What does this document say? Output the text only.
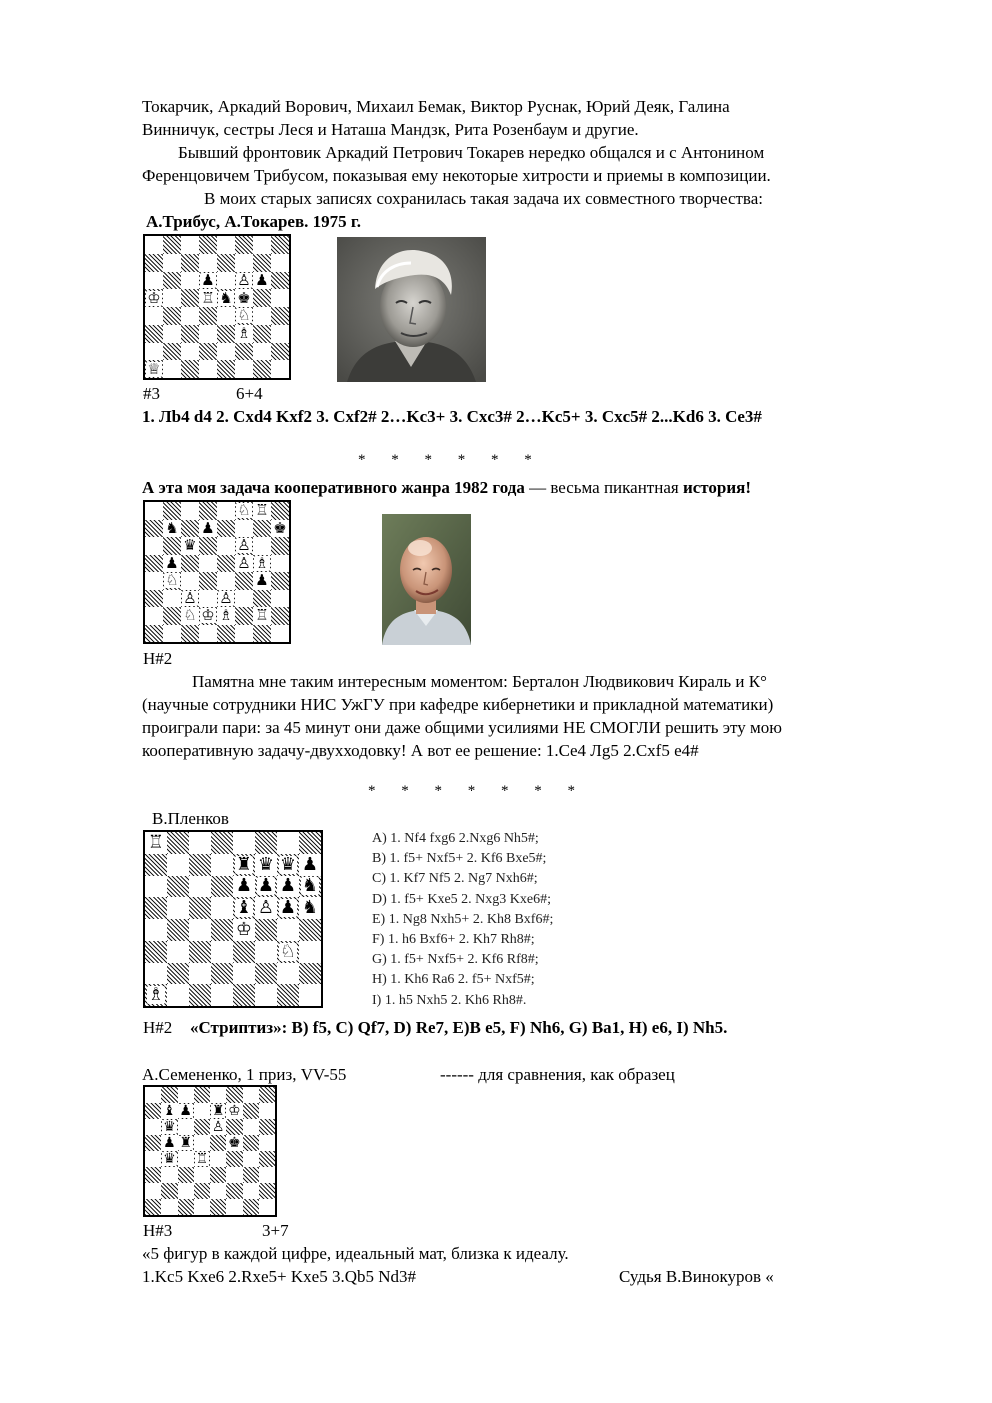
Токарчик, Аркадий Ворович, Михаил Бемак, Виктор Руснак, Юрий Деяк, Галина
Винничук, сестры Леся и Наташа Мандзк, Рита Розенбаум и другие.
Бывший фронтовик Аркадий Петрович Токарев нередко общался и с Антонином
Ференцовичем Трибусом, показывая ему некоторые хитрости и приемы в композиции.
В моих старых записях сохранилась такая задача их совместного творчества:
А.Трибус, А.Токарев. 1975 г.
♟ ♙ ♟
♔	♖ ♞ ♚
♘
♗
♕
#3	6+4
1. Лb4 d4 2. Cxd4 Kxf2 3. Cxf2# 2…Kc3+ 3. Cxc3# 2…Kc5+ 3. Cxc5# 2...Kd6 3. Ce3#
* * * * * *
А эта моя задача кооперативного жанра 1982 года — весьма пикантная история!
♘ ♖
♞ ♟	♚
♛	♙
♟	♙ ♗
♘	♟
♙ ♙
♘ ♔ ♗ ♖
H#2
Памятна мне таким интересным моментом: Берталон Людвикович Кираль и К°
(научные сотрудники НИС УжГУ при кафедре кибернетики и прикладной математики)
проиграли пари: за 45 минут они даже общими усилиями НЕ СМОГЛИ решить эту мою
кооперативную задачу-двухходовку! А вот ее решение: 1.Ce4 Лg5 2.Cxf5 e4#
* * * * * * *
В.Пленков
♖
♜ ♛ ♛ ♟
♟ ♟ ♟ ♞
♝ ♙ ♟ ♞
♔
♘
♗
A) 1. Nf4 fxg6 2.Nxg6 Nh5#;
B) 1. f5+ Nxf5+ 2. Kf6 Bxe5#;
C) 1. Kf7 Nf5 2. Ng7 Nxh6#;
D) 1. f5+ Kxe5 2. Nxg3 Kxe6#;
E) 1. Ng8 Nxh5+ 2. Kh8 Bxf6#;
F) 1. h6 Bxf6+ 2. Kh7 Rh8#;
G) 1. f5+ Nxf5+ 2. Kf6 Rf8#;
H) 1. Kh6 Ra6 2. f5+ Nxf5#;
I) 1. h5 Nxh5 2. Kh6 Rh8#.
H#2 «Стриптиз»: B) f5, C) Qf7, D) Re7, E)B e5, F) Nh6, G) Ba1, H) e6, I) Nh5.
А.Семененко, 1 приз, VV-55	------ для сравнения, как образец
♝ ♟ ♜ ♔
♛	♙
♟ ♜	♚
♛ ♖
H#3	3+7
«5 фигур в каждой цифре, идеальный мат, близка к идеалу.
1.Kc5 Kxe6 2.Rxe5+ Kxe5 3.Qb5 Nd3#	Судья В.Винокуров «
